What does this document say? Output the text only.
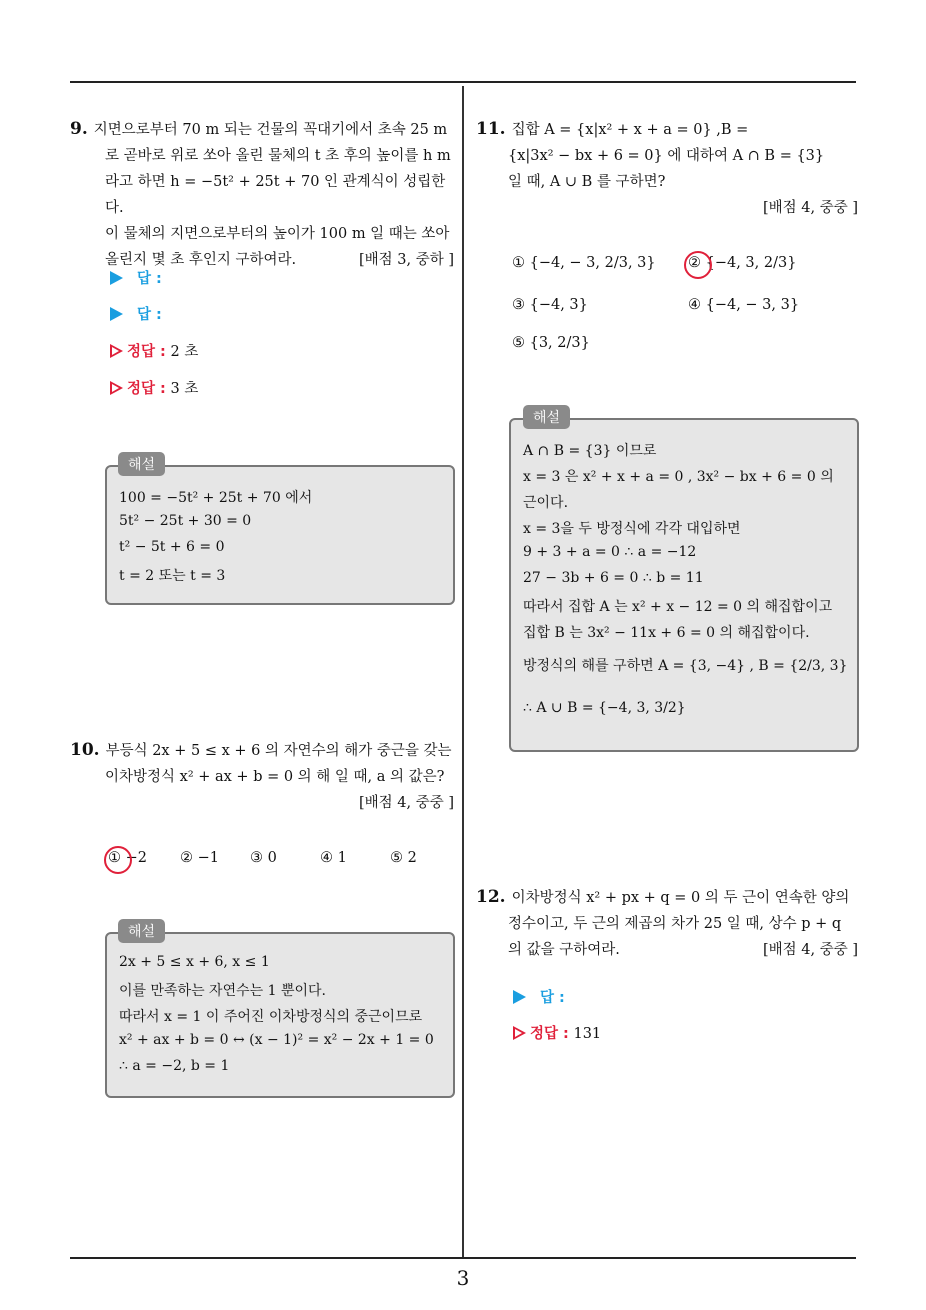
3
9. 지면으로부터 70 m 되는 건물의 꼭대기에서 초속 25 m
로 곧바로 위로 쏘아 올린 물체의 t 초 후의 높이를 h m
라고 하면 h = −5t² + 25t + 70 인 관계식이 성립한다.
이 물체의 지면으로부터의 높이가 100 m 일 때는 쏘아
올린지 몇 초 후인지 구하여라.	[배점 3, 중하 ]
답 :
답 :
정답 : 2 초
정답 : 3 초
100 = −5t² + 25t + 70 에서
5t² − 25t + 30 = 0
t² − 5t + 6 = 0
t = 2 또는 t = 3
해설
10. 부등식 2x + 5 ≤ x + 6 의 자연수의 해가 중근을 갖는
이차방정식 x² + ax + b = 0 의 해 일 때, a 의 값은?
[배점 4, 중중 ]
① −2 ② −1 ③ 0	④ 1	⑤ 2
2x + 5 ≤ x + 6, x ≤ 1
이를 만족하는 자연수는 1 뿐이다.
따라서 x = 1 이 주어진 이차방정식의 중근이므로
x² + ax + b = 0 ↔ (x − 1)² = x² − 2x + 1 = 0
∴ a = −2, b = 1
해설
11. 집합 A = {x|x² + x + a = 0} ,B =
{x|3x² − bx + 6 = 0} 에 대하여 A ∩ B = {3}
일 때, A ∪ B 를 구하면?
[배점 4, 중중 ]
① {−4, − 3, 2/3, 3} ② {−4, 3, 2/3}
③ {−4, 3}	④ {−4, − 3, 3}
⑤ {3, 2/3}
A ∩ B = {3} 이므로
x = 3 은 x² + x + a = 0 , 3x² − bx + 6 = 0 의
근이다.
x = 3을 두 방정식에 각각 대입하면
9 + 3 + a = 0 ∴ a = −12
27 − 3b + 6 = 0 ∴ b = 11
따라서 집합 A 는 x² + x − 12 = 0 의 해집합이고
집합 B 는 3x² − 11x + 6 = 0 의 해집합이다.
방정식의 해를 구하면 A = {3, −4} , B = {2/3, 3}
∴ A ∪ B = {−4, 3, 3/2}
해설
12. 이차방정식 x² + px + q = 0 의 두 근이 연속한 양의
정수이고, 두 근의 제곱의 차가 25 일 때, 상수 p + q
의 값을 구하여라.	[배점 4, 중중 ]
답 :
정답 : 131
